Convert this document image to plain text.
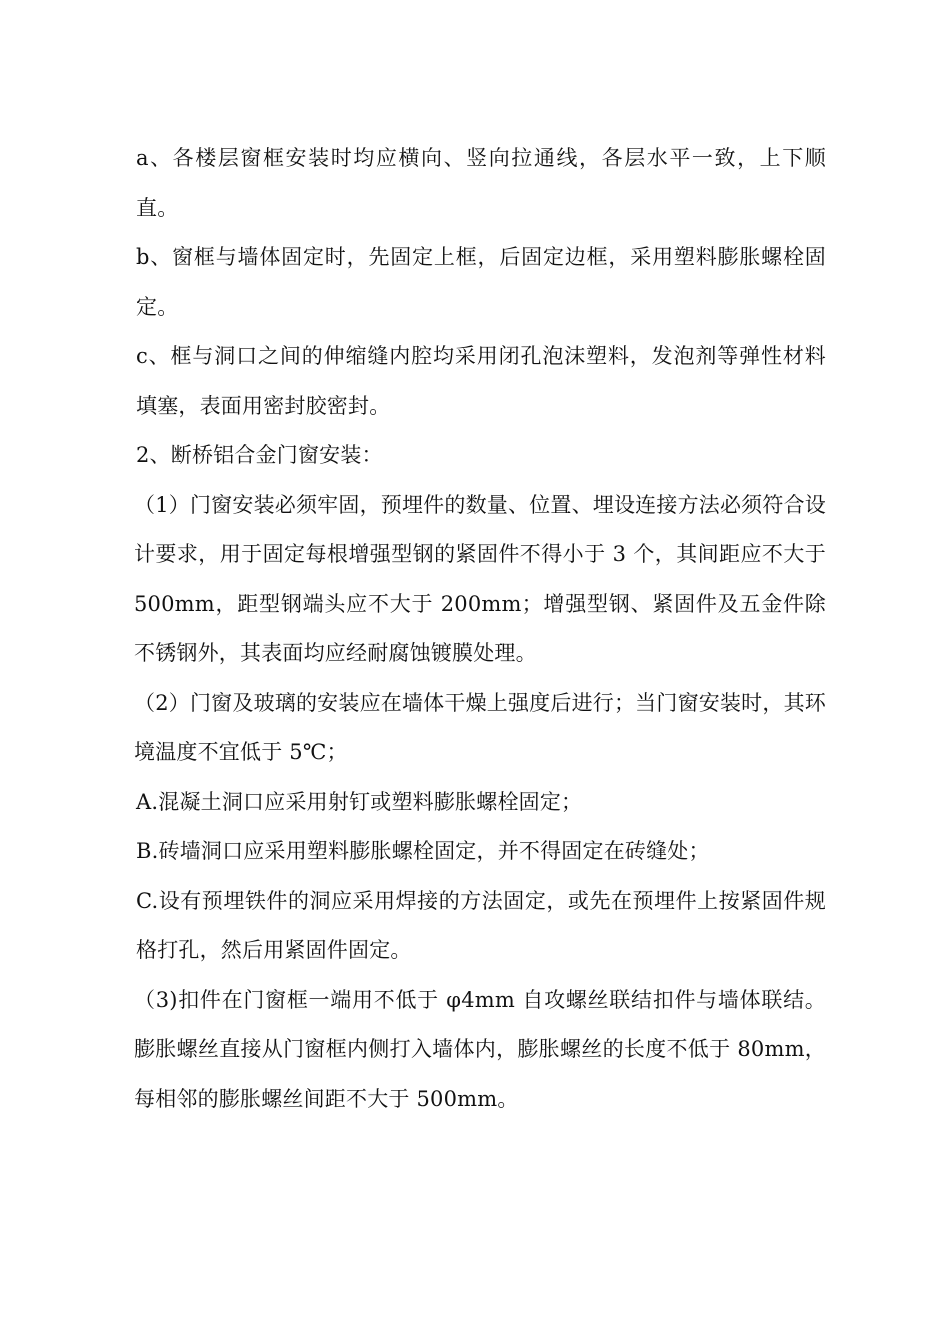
a、各楼层窗框安装时均应横向、竖向拉通线，各层水平一致，上下顺直。

b、窗框与墙体固定时，先固定上框，后固定边框，采用塑料膨胀螺栓固定。

c、框与洞口之间的伸缩缝内腔均采用闭孔泡沫塑料，发泡剂等弹性材料填塞，表面用密封胶密封。

2、断桥铝合金门窗安装：

（1）门窗安装必须牢固，预埋件的数量、位置、埋设连接方法必须符合设计要求，用于固定每根增强型钢的紧固件不得小于 3 个，其间距应不大于 500mm，距型钢端头应不大于 200mm；增强型钢、紧固件及五金件除不锈钢外，其表面均应经耐腐蚀镀膜处理。

（2）门窗及玻璃的安装应在墙体干燥上强度后进行；当门窗安装时，其环境温度不宜低于 5℃；

A.混凝土洞口应采用射钉或塑料膨胀螺栓固定；

B.砖墙洞口应采用塑料膨胀螺栓固定，并不得固定在砖缝处；

C.设有预埋铁件的洞应采用焊接的方法固定，或先在预埋件上按紧固件规格打孔，然后用紧固件固定。

（3)扣件在门窗框一端用不低于 φ4mm 自攻螺丝联结扣件与墙体联结。膨胀螺丝直接从门窗框内侧打入墙体内，膨胀螺丝的长度不低于 80mm，每相邻的膨胀螺丝间距不大于 500mm。
